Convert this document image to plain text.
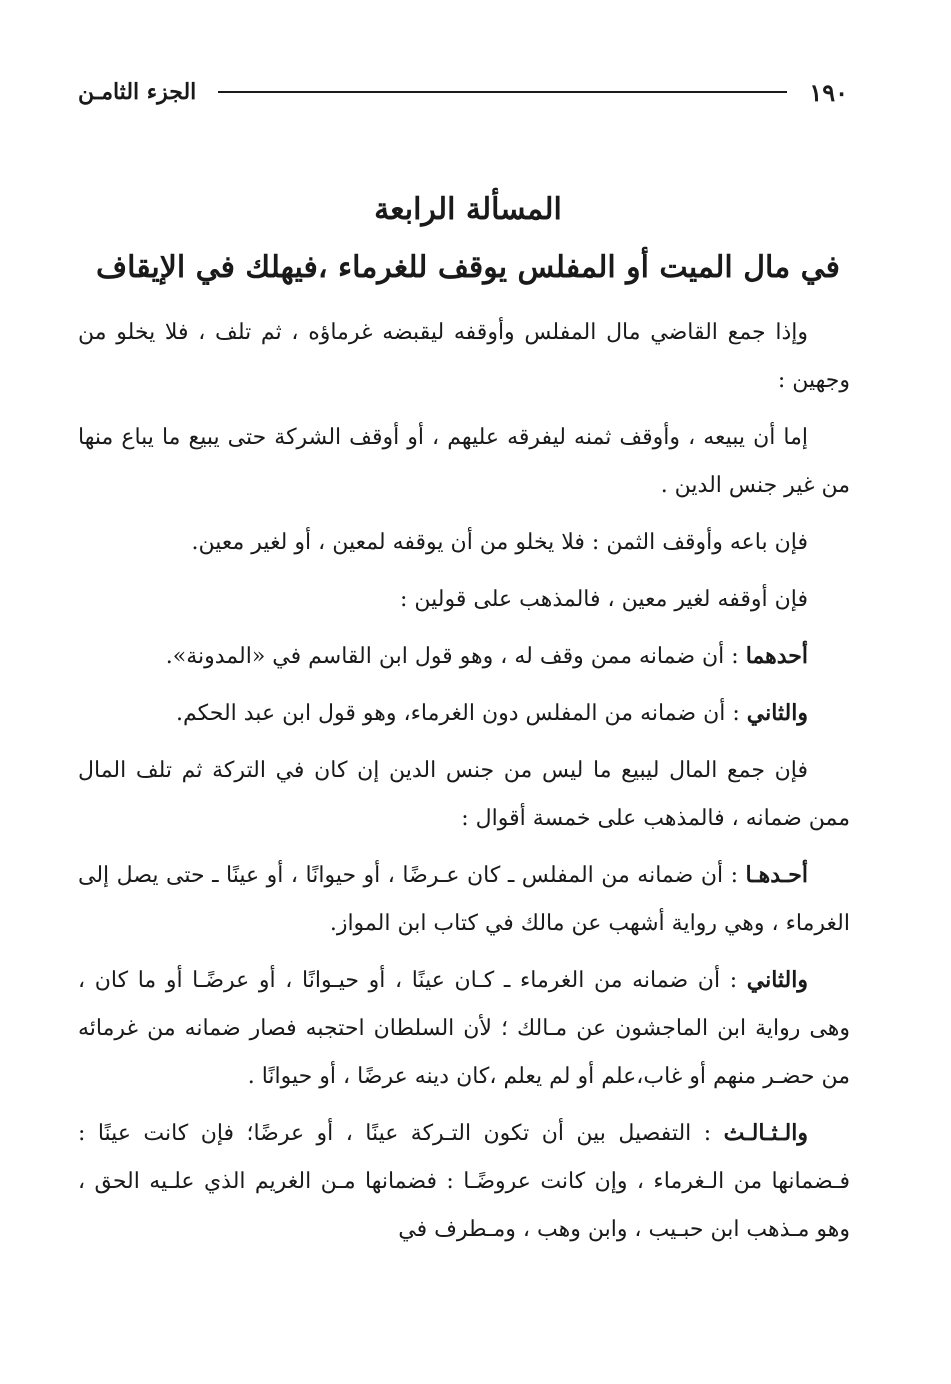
١٩٠
الجزء الثامـن
المسألة الرابعة
في مال الميت أو المفلس يوقف للغرماء ،فيهلك في الإيقاف

وإذا جمع القاضي مال المفلس وأوقفه ليقبضه غرماؤه ، ثم تلف ، فلا يخلو من وجهين :

إما أن يبيعه ، وأوقف ثمنه ليفرقه عليهم ، أو أوقف الشركة حتى يبيع ما يباع منها من غير جنس الدين .

فإن باعه وأوقف الثمن : فلا يخلو من أن يوقفه لمعين ، أو لغير معين.

فإن أوقفه لغير معين ، فالمذهب على قولين :

أحدهما : أن ضمانه ممن وقف له ، وهو قول ابن القاسم في «المدونة».

والثاني : أن ضمانه من المفلس دون الغرماء، وهو قول ابن عبد الحكم.

فإن جمع المال ليبيع ما ليس من جنس الدين إن كان في التركة ثم تلف المال ممن ضمانه ، فالمذهب على خمسة أقوال :

أحـدهـا : أن ضمانه من المفلس ـ كان عـرضًا ، أو حيوانًا ، أو عينًا ـ حتى يصل إلى الغرماء ، وهي رواية أشهب عن مالك في كتاب ابن المواز.

والثاني : أن ضمانه من الغرماء ـ كـان عينًا ، أو حيـوانًا ، أو عرضًـا أو ما كان ، وهى رواية ابن الماجشون عن مـالك ؛ لأن السلطان احتجبه فصار ضمانه من غرمائه من حضـر منهم أو غاب،علم أو لم يعلم ،كان دينه عرضًا ، أو حيوانًا .

والـثـالـث : التفصيل بين أن تكون التـركة عينًا ، أو عرضًا؛ فإن كانت عينًا : فـضمانها من الـغرماء ، وإن كانت عروضًـا : فضمانها مـن الغريم الذي علـيه الحق ، وهو مـذهب ابن حبـيب ، وابن وهب ، ومـطرف في
